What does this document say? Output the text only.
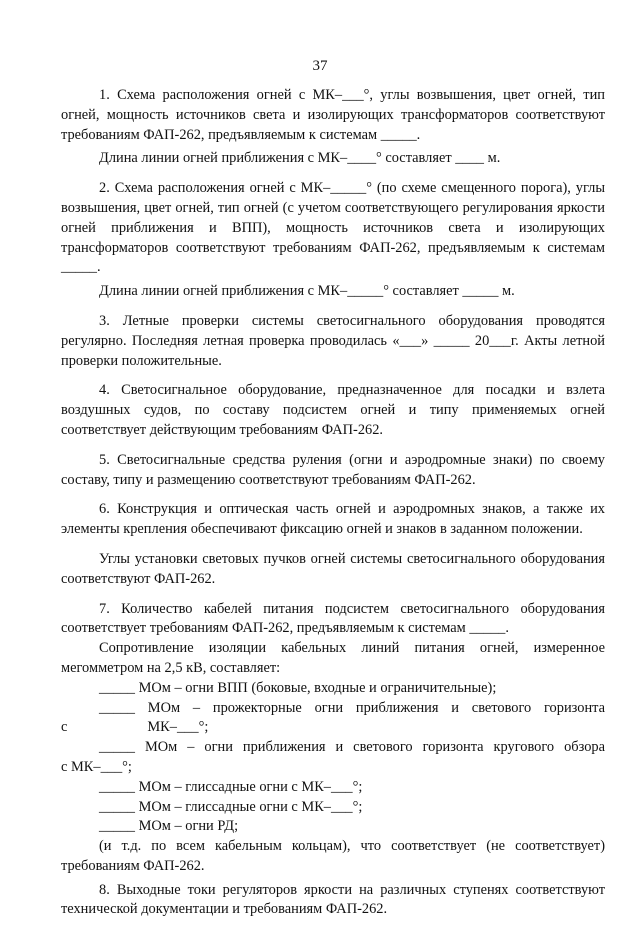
37

1. Схема расположения огней с МК–___°, углы возвышения, цвет огней, тип огней, мощность источников света и изолирующих трансформаторов соответствуют требованиям ФАП-262, предъявляемым к системам _____.

Длина линии огней приближения с МК–____° составляет ____ м.

2. Схема расположения огней с МК–_____° (по схеме смещенного порога), углы возвышения, цвет огней, тип огней (с учетом соответствующего регулирования яркости огней приближения и ВПП), мощность источников света и изолирующих трансформаторов соответствуют требованиям ФАП-262, предъявляемым к системам _____.

Длина линии огней приближения с МК–_____° составляет _____ м.

3. Летные проверки системы светосигнального оборудования проводятся регулярно. Последняя летная проверка проводилась «___» _____ 20___г. Акты летной проверки положительные.

4. Светосигнальное оборудование, предназначенное для посадки и взлета воздушных судов, по составу подсистем огней и типу применяемых огней соответствует действующим требованиям ФАП-262.

5. Светосигнальные средства руления (огни и аэродромные знаки) по своему составу, типу и размещению соответствуют требованиям ФАП-262.

6. Конструкция и оптическая часть огней и аэродромных знаков, а также их элементы крепления обеспечивают фиксацию огней и знаков в заданном положении.

Углы установки световых пучков огней системы светосигнального оборудования соответствуют ФАП-262.

7. Количество кабелей питания подсистем светосигнального оборудования соответствует требованиям ФАП-262, предъявляемым к системам _____.

Сопротивление изоляции кабельных линий питания огней, измеренное мегомметром на 2,5 кВ, составляет:

_____ МОм – огни ВПП (боковые, входные и ограничительные);

_____ МОм – прожекторные огни приближения и светового горизонта

с	МК–___°;

_____ МОм – огни приближения и светового горизонта кругового обзора

с МК–___°;

_____ МОм – глиссадные огни с МК–___°;

_____ МОм – глиссадные огни с МК–___°;

_____ МОм – огни РД;

(и т.д. по всем кабельным кольцам), что соответствует (не соответствует) требованиям ФАП-262.

8. Выходные токи регуляторов яркости на различных ступенях соответствуют технической документации и требованиям ФАП-262.
